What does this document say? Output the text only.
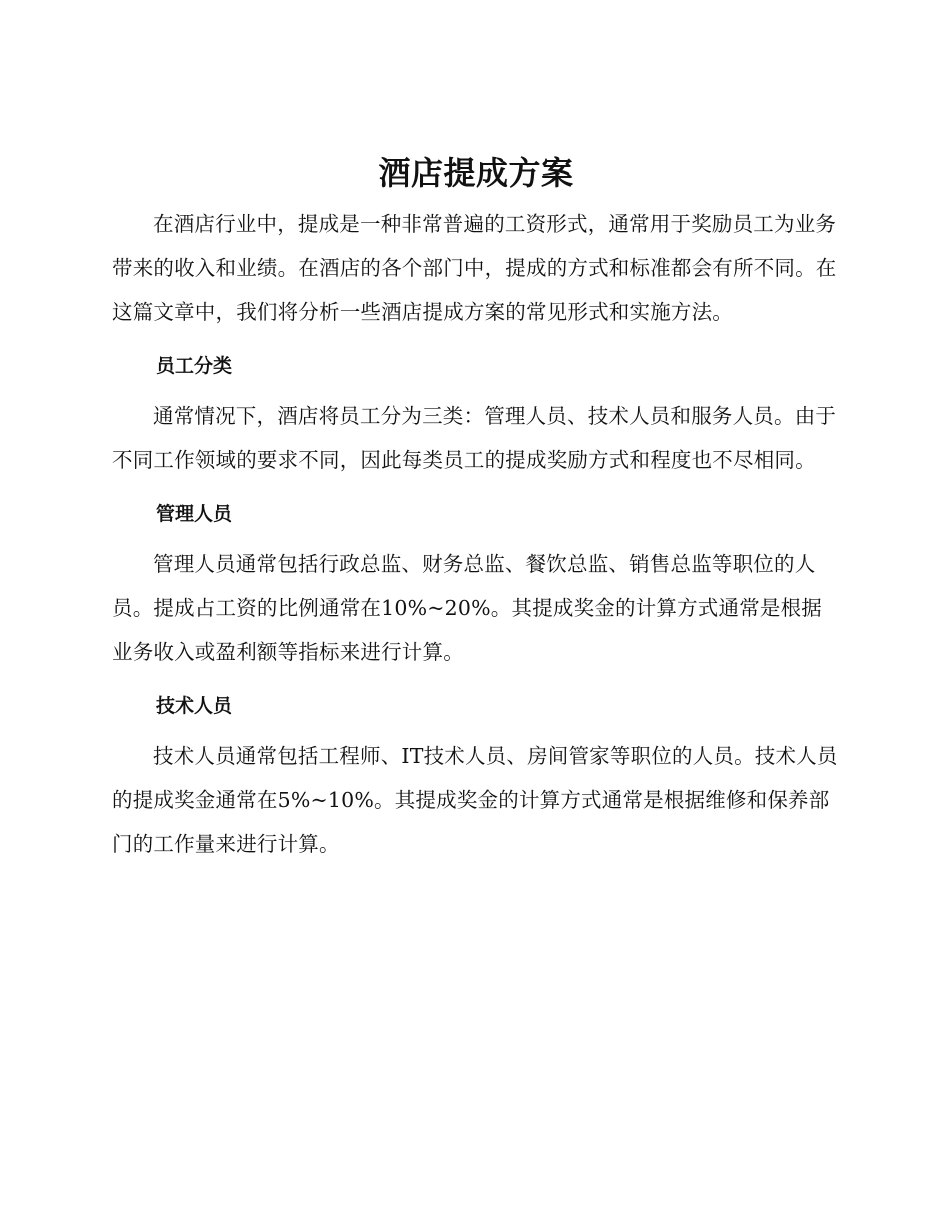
酒店提成方案

在酒店行业中，提成是一种非常普遍的工资形式，通常用于奖励员工为业务带来的收入和业绩。在酒店的各个部门中，提成的方式和标准都会有所不同。在这篇文章中，我们将分析一些酒店提成方案的常见形式和实施方法。

员工分类

通常情况下，酒店将员工分为三类：管理人员、技术人员和服务人员。由于不同工作领域的要求不同，因此每类员工的提成奖励方式和程度也不尽相同。

管理人员

管理人员通常包括行政总监、财务总监、餐饮总监、销售总监等职位的人员。提成占工资的比例通常在10%~20%。其提成奖金的计算方式通常是根据业务收入或盈利额等指标来进行计算。

技术人员

技术人员通常包括工程师、IT技术人员、房间管家等职位的人员。技术人员的提成奖金通常在5%~10%。其提成奖金的计算方式通常是根据维修和保养部门的工作量来进行计算。
